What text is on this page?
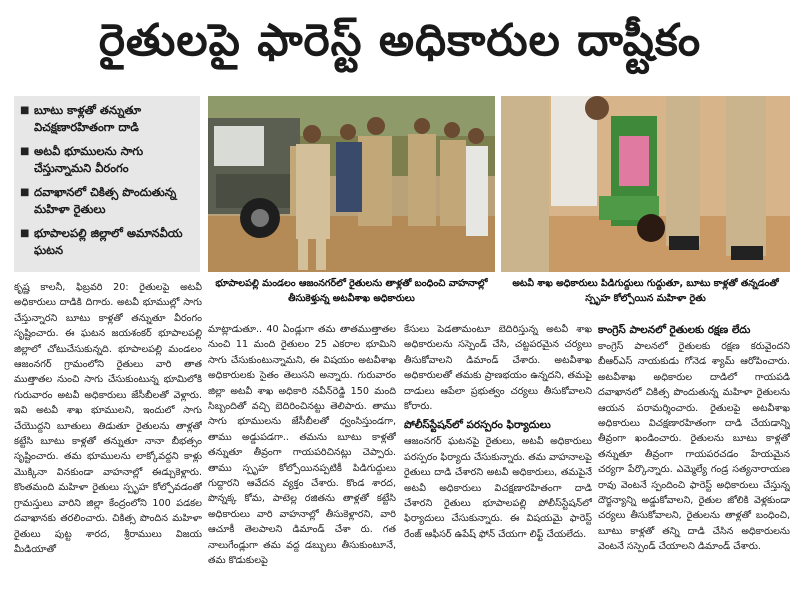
రైతులపై ఫారెస్ట్ అధికారుల దాష్టీకం
■ బూటు కాళ్లతో తన్నుతూ విచక్షణారహితంగా దాడి
■ అటవీ భూములను సాగు చేస్తున్నామని వీరంగం
■ దవాఖానలో చికిత్స పొందుతున్న మహిళా రైతులు
■ భూపాలపల్లి జిల్లాలో అమానవీయ ఘటన
భూపాలపల్లి మండలం ఆజంనగర్‌లో రైతులను తాళ్లతో బంధించి వాహనాల్లో తీసుకెళ్తున్న అటవీశాఖ అధికారులు
అటవీ శాఖ అధికారులు పిడిగుద్దులు గుద్దుతూ, బూటు కాళ్లతో తన్నడంతో స్పృహ కోల్పోయిన మహిళా రైతు

కృష్ణ కాలనీ, ఫిబ్రవరి 20: రైతులపై అటవీ అధికారులు దాడికి దిగారు. అటవీ భూముల్లో సాగు చేస్తున్నారని బూటు కాళ్లతో తన్నుతూ వీరంగం సృష్టించారు. ఈ ఘటన జయశంకర్ భూపాలపల్లి జిల్లాలో చోటుచేసుకున్నది. భూపాలపల్లి మండలం ఆజంనగర్ గ్రామంలోని రైతులు వారి తాత ముత్తాతల నుంచి సాగు చేసుకుంటున్న భూమిలోకి గురువారం అటవీ అధికారులు జేసీబీలతో వెళ్లారు. ఇవి అటవీ శాఖ భూములని, ఇందులో సాగు చేయొద్దని బూతులు తిడుతూ రైతులను తాళ్లతో కట్టేసి బూటు కాళ్లతో తన్నుతూ నానా బీభత్సం సృష్టించారు. తమ భూములను లాక్కోవద్దని కాళ్లు మొక్కినా వినకుండా వాహనాల్లో ఈడ్చుకెళ్లారు. కొంతమంది మహిళా రైతులు స్పృహ కోల్పోవడంతో గ్రామస్తులు వారిని జిల్లా కేంద్రంలోని 100 పడకల దవాఖానకు తరలించారు. చికిత్స పొందిన మహిళా రైతులు పుట్ట శారద, శ్రీరాములు విజయ మీడియాతో

మాట్లాడుతూ.. 40 ఏండ్లుగా తమ తాతముత్తాతల నుంచి 11 మంది రైతులం 25 ఎకరాల భూమిని సాగు చేసుకుంటున్నామని, ఈ విషయం అటవీశాఖ అధికారులకు సైతం తెలుసని అన్నారు. గురువారం జిల్లా అటవీ శాఖ అధికారి నవీన్‌రెడ్డి 150 మంది సిబ్బందితో వచ్చి బెదిరించినట్టు తెలిపారు. తాము సాగు భూములను జేసీబీలతో ధ్వంసిస్తుండగా, తాము అడ్డుపడగా.. తమను బూటు కాళ్లతో తన్నుతూ తీవ్రంగా గాయపరిచినట్లు చెప్పారు. తాము స్పృహ కోల్పోయినప్పటికీ పిడిగుద్దులు గుద్దారని ఆవేదన వ్యక్తం చేశారు. కొండ శారద, పొన్నక్క కోమ, పాటెల్ల రజితను తాళ్లతో కట్టేసి అధికారులు వారి వాహనాల్లో తీసుకెళ్లారని, వారి ఆచూకీ తెలపాలని డిమాండ్ చేశా రు. గత నాలుగేండ్లుగా తమ వద్ద డబ్బులు తీసుకుంటూనే, తమ కొడుకులపై

కేసులు పెడతామంటూ బెదిరిస్తున్న అటవీ శాఖ అధికారులను సస్పెండ్ చేసి, చట్టపరమైన చర్యలు తీసుకోవాలని డిమాండ్ చేశారు. అటవీశాఖ అధికారులతో తమకు ప్రాణభయం ఉన్నదని, తమపై దాడులు ఆపేలా ప్రభుత్వం చర్యలు తీసుకోవాలని కోరారు.

పోలీస్‌స్టేషన్‌లో పరస్పరం ఫిర్యాదులు

ఆజంనగర్ ఘటనపై రైతులు, అటవీ అధికారులు పరస్పరం ఫిర్యాదు చేసుకున్నారు. తమ వాహనాలపై రైతులు దాడి చేశారని అటవీ అధికారులు, తమపైనే అటవీ అధికారులు విచక్షణారహితంగా దాడి చేశారని రైతులు భూపాలపల్లి పోలీస్‌స్టేషన్‌లో ఫిర్యాదులు చేసుకున్నారు. ఈ విషయమై ఫారెస్ట్ రేంజ్ ఆఫీసర్ ఉపేష్ ఫోన్ చేయగా లిఫ్ట్ చేయలేదు.

కాంగ్రెస్ పాలనలో రైతులకు రక్షణ లేదు

కాంగ్రెస్ పాలనలో రైతులకు రక్షణ కరువైందని బీఆర్‌ఎస్ నాయకుడు గోనెడ శ్యామ్ ఆరోపించారు. అటవీశాఖ అధికారుల దాడిలో గాయపడి దవాఖానలో చికిత్స పొందుతున్న మహిళా రైతులను ఆయన పరామర్శించారు. రైతులపై అటవీశాఖ అధికారులు విచక్షణారహితంగా దాడి చేయడాన్ని తీవ్రంగా ఖండించారు. రైతులను బూటు కాళ్లతో తన్నుతూ తీవ్రంగా గాయపరచడం హేయమైన చర్యగా పేర్కొన్నారు. ఎమ్మెల్యే గండ్ర సత్యనారాయణ రావు వెంటనే స్పందించి ఫారెస్ట్ అధికారులు చేస్తున్న దౌర్జన్యాన్ని అడ్డుకోవాలని, రైతుల జోలికి వెళ్లకుండా చర్యలు తీసుకోవాలని, రైతులను తాళ్లతో బంధించి, బూటు కాళ్లతో తన్ని దాడి చేసిన అధికారులను వెంటనే సస్పెండ్ చేయాలని డిమాండ్ చేశారు.
